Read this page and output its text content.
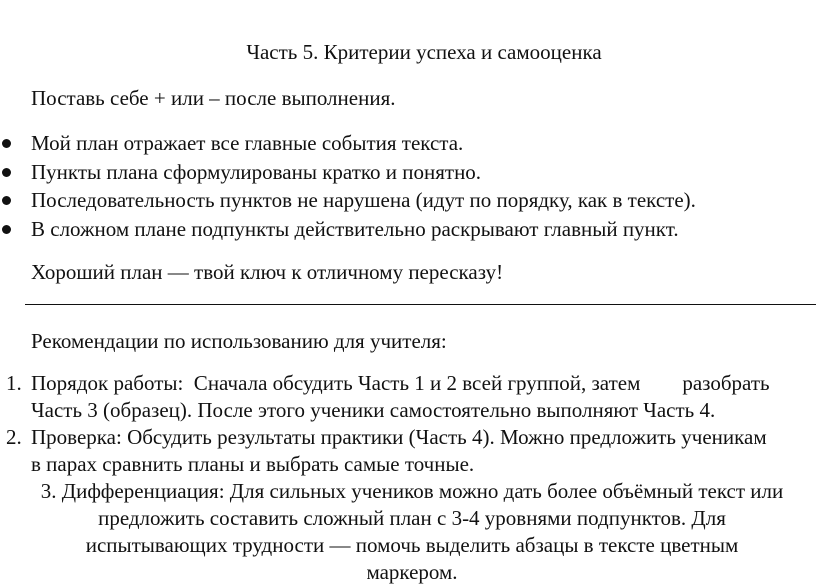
Часть 5. Критерии успеха и самооценка
Поставь себе + или – после выполнения.
Мой план отражает все главные события текста.
Пункты плана сформулированы кратко и понятно.
Последовательность пунктов не нарушена (идут по порядку, как в тексте).
В сложном плане подпункты действительно раскрывают главный пункт.
Хороший план — твой ключ к отличному пересказу!
Рекомендации по использованию для учителя:
1. Порядок работы:  Сначала обсудить Часть 1 и 2 всей группой, затем        разобрать
Часть 3 (образец). После этого ученики самостоятельно выполняют Часть 4.
2. Проверка: Обсудить результаты практики (Часть 4). Можно предложить ученикам
в парах сравнить планы и выбрать самые точные.
3. Дифференциация: Для сильных учеников можно дать более объёмный текст или
предложить составить сложный план с 3-4 уровнями подпунктов. Для
испытывающих трудности — помочь выделить абзацы в тексте цветным
маркером.
